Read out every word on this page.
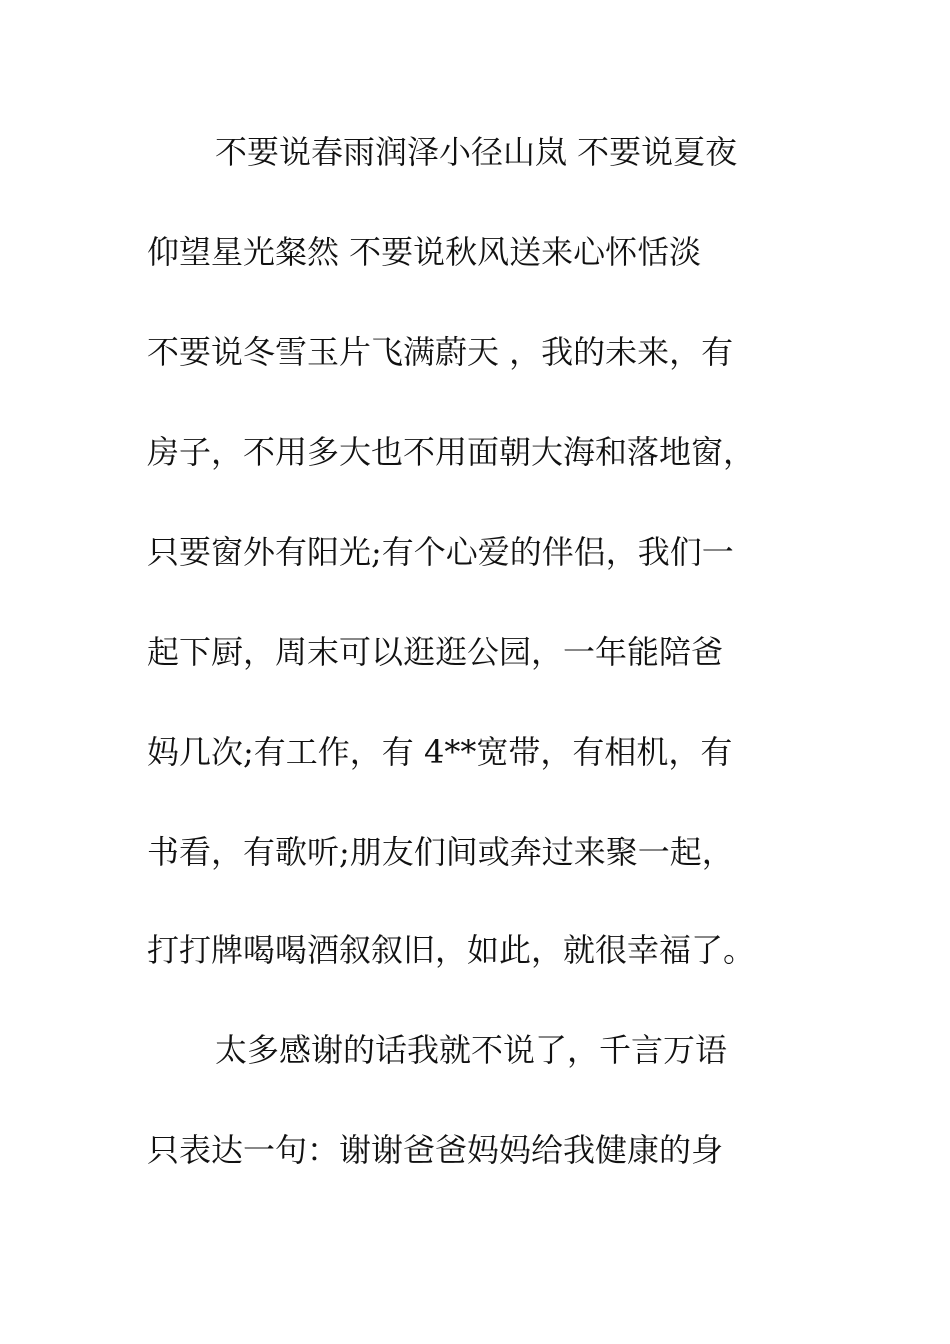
不要说春雨润泽小径山岚 不要说夏夜
仰望星光粲然 不要说秋风送来心怀恬淡
不要说冬雪玉片飞满蔚天 ，我的未来，有
房子，不用多大也不用面朝大海和落地窗，
只要窗外有阳光;有个心爱的伴侣，我们一
起下厨，周末可以逛逛公园，一年能陪爸
妈几次;有工作，有 4**宽带，有相机，有
书看，有歌听;朋友们间或奔过来聚一起，
打打牌喝喝酒叙叙旧，如此，就很幸福了。
太多感谢的话我就不说了，千言万语
只表达一句：谢谢爸爸妈妈给我健康的身
